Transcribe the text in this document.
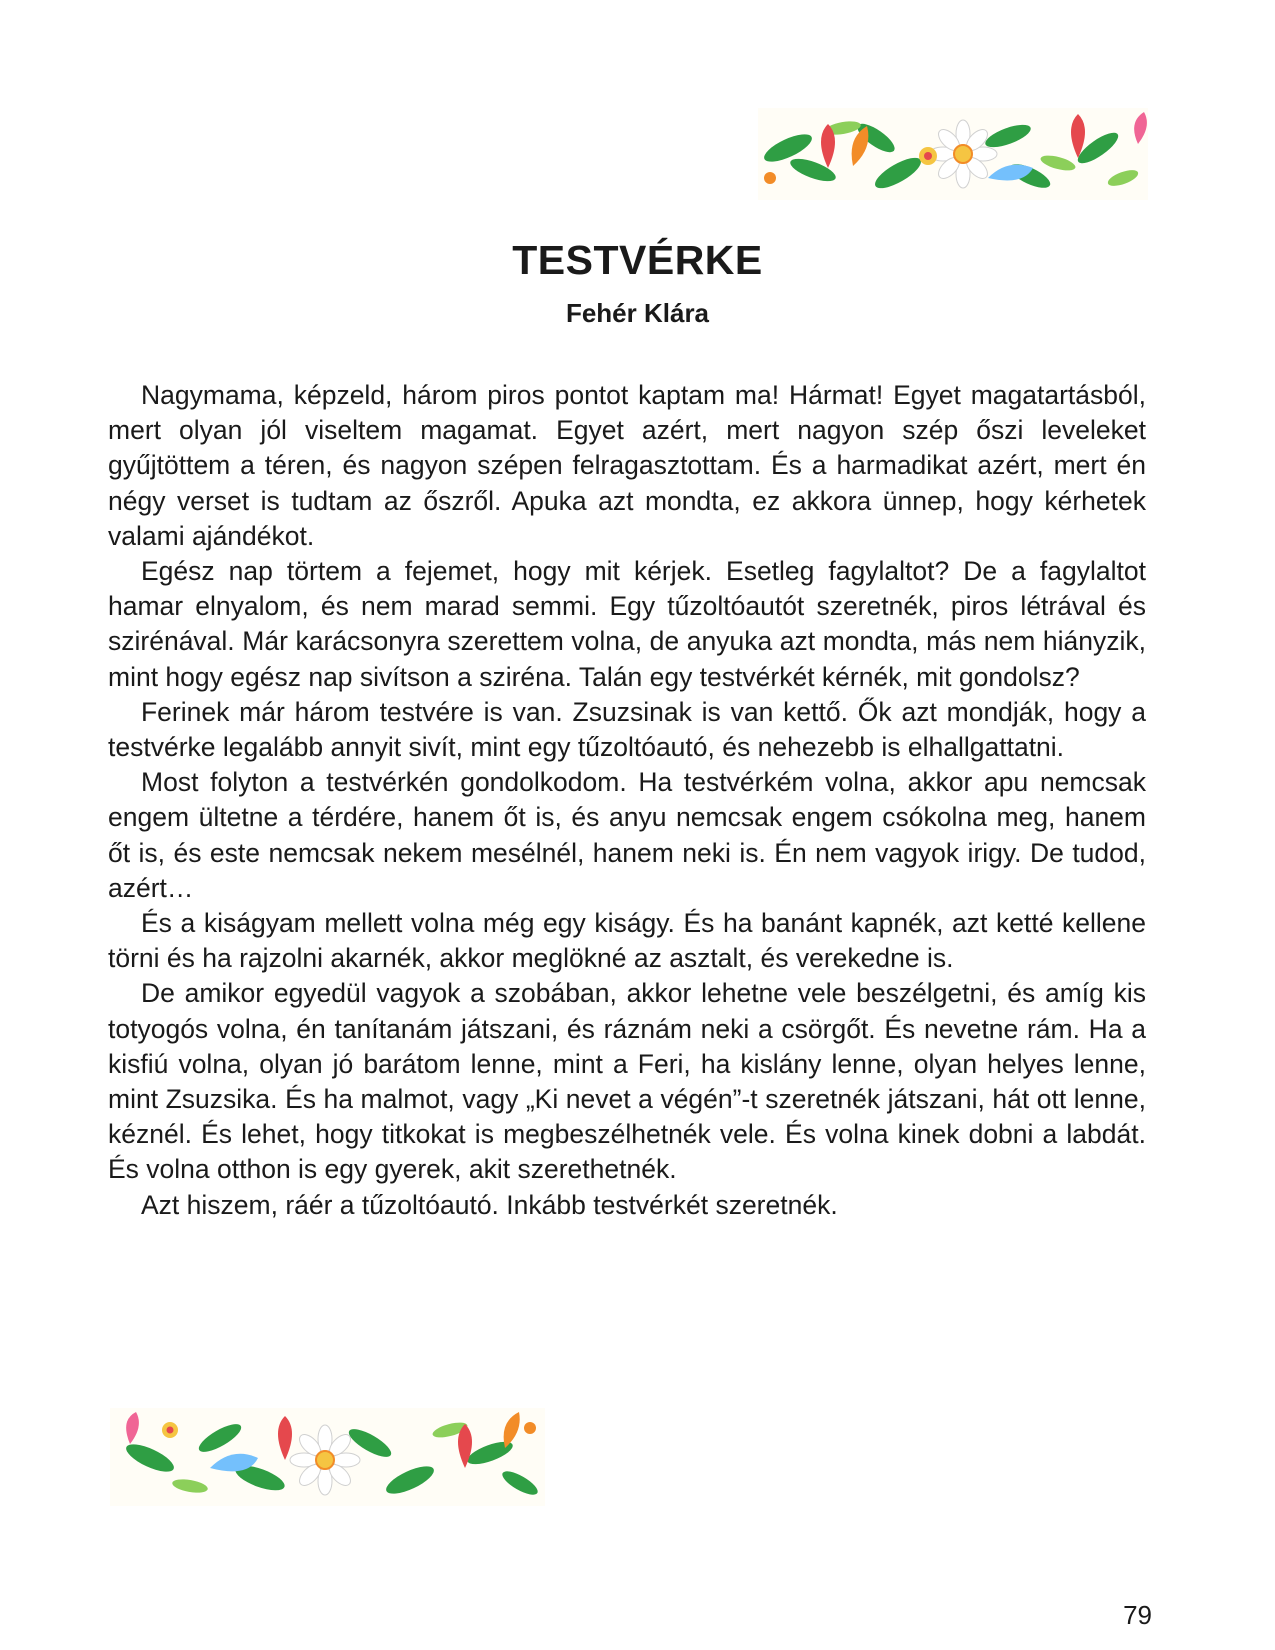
TESTVÉRKE
Fehér Klára

Nagymama, képzeld, három piros pontot kaptam ma! Hármat! Egyet magatartásból, mert olyan jól viseltem magamat. Egyet azért, mert nagyon szép őszi leveleket gyűjtöttem a téren, és nagyon szépen felragasztottam. És a harmadikat azért, mert én négy verset is tudtam az őszről. Apuka azt mondta, ez akkora ünnep, hogy kérhetek valami ajándékot.

Egész nap törtem a fejemet, hogy mit kérjek. Esetleg fagylaltot? De a fagylaltot hamar elnyalom, és nem marad semmi. Egy tűzoltóautót szeretnék, piros létrával és szirénával. Már karácsonyra szerettem volna, de anyuka azt mondta, más nem hiányzik, mint hogy egész nap sivítson a sziréna. Talán egy testvérkét kérnék, mit gondolsz?

Ferinek már három testvére is van. Zsuzsinak is van kettő. Ők azt mondják, hogy a testvérke legalább annyit sivít, mint egy tűzoltóautó, és nehezebb is elhallgattatni.

Most folyton a testvérkén gondolkodom. Ha testvérkém volna, akkor apu nemcsak engem ültetne a térdére, hanem őt is, és anyu nemcsak engem csókolna meg, hanem őt is, és este nemcsak nekem mesélnél, hanem neki is. Én nem vagyok irigy. De tudod, azért…

És a kiságyam mellett volna még egy kiságy. És ha banánt kapnék, azt ketté kellene törni és ha rajzolni akarnék, akkor meglökné az asztalt, és verekedne is.

De amikor egyedül vagyok a szobában, akkor lehetne vele beszélgetni, és amíg kis totyogós volna, én tanítanám játszani, és ráznám neki a csörgőt. És nevetne rám. Ha a kisfiú volna, olyan jó barátom lenne, mint a Feri, ha kislány lenne, olyan helyes lenne, mint Zsuzsika. És ha malmot, vagy „Ki nevet a végén”-t szeretnék játszani, hát ott lenne, kéznél. És lehet, hogy titkokat is megbeszélhetnék vele. És volna kinek dobni a labdát. És volna otthon is egy gyerek, akit szerethetnék.

Azt hiszem, ráér a tűzoltóautó. Inkább testvérkét szeretnék.

79
